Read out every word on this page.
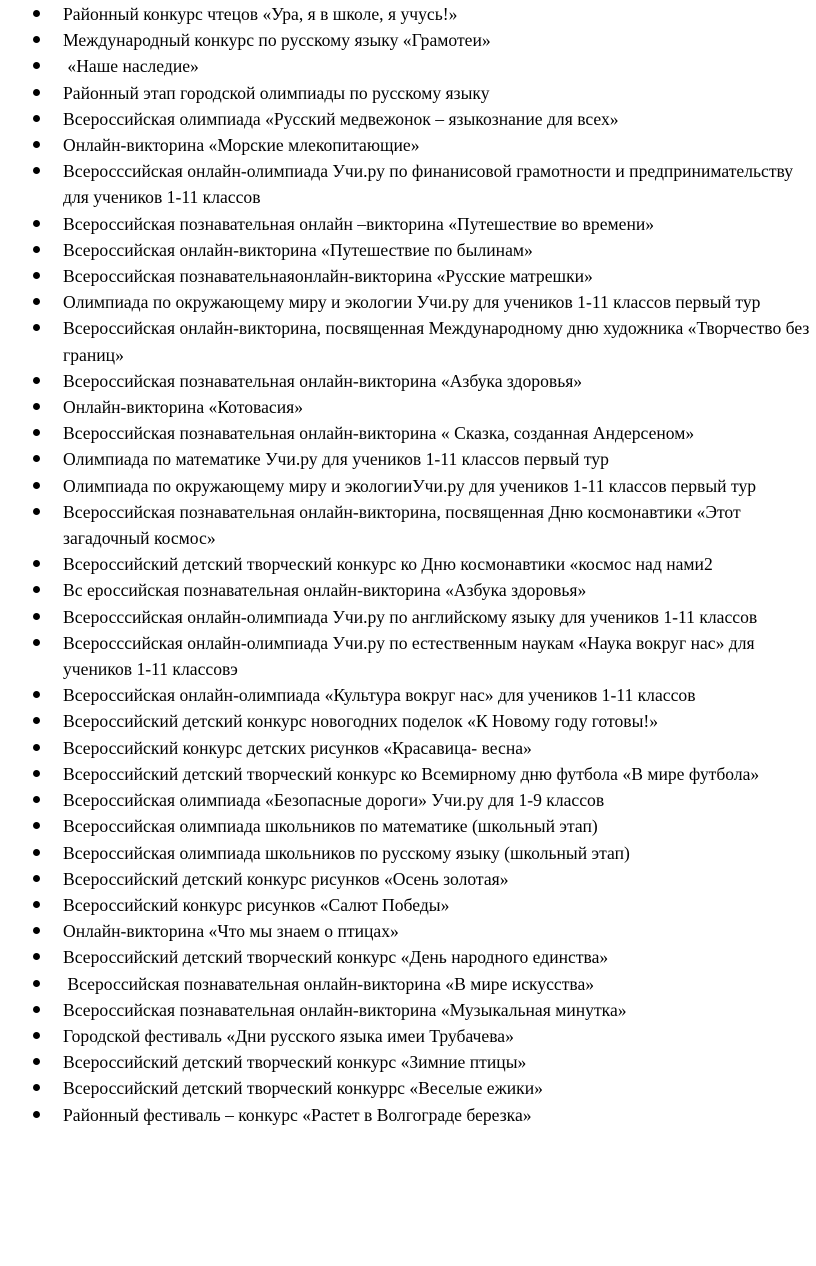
Районный конкурс чтецов «Ура, я в школе, я учусь!»
Международный конкурс по русскому языку «Грамотеи»
«Наше наследие»
Районный этап городской олимпиады по русскому языку
Всероссийская олимпиада «Русский медвежонок – языкознание для всех»
Онлайн-викторина «Морские млекопитающие»
Всеросссийская онлайн-олимпиада Учи.ру по финанисовой грамотности и предпринимательству для учеников 1-11 классов
Всероссийская познавательная онлайн –викторина «Путешествие во времени»
Всероссийская онлайн-викторина «Путешествие по былинам»
Всероссийская познавательнаяонлайн-викторина «Русские матрешки»
Олимпиада по окружающему миру и экологии Учи.ру для учеников 1-11 классов первый тур
Всероссийская онлайн-викторина, посвященная Международному дню художника «Творчество без границ»
Всероссийская познавательная онлайн-викторина «Азбука здоровья»
Онлайн-викторина «Котовасия»
Всероссийская познавательная онлайн-викторина « Сказка, созданная Андерсеном»
Олимпиада по математике Учи.ру для учеников 1-11 классов первый тур
Олимпиада по окружающему миру и экологииУчи.ру для учеников 1-11 классов первый тур
Всероссийская познавательная онлайн-викторина, посвященная Дню космонавтики «Этот загадочный космос»
Всероссийский детский творческий конкурс ко Дню космонавтики «космос над нами2
Вс ероссийская познавательная онлайн-викторина «Азбука здоровья»
Всеросссийская онлайн-олимпиада Учи.ру по английскому языку для учеников 1-11 классов
Всеросссийская онлайн-олимпиада Учи.ру по естественным наукам «Наука вокруг нас» для учеников 1-11 классовэ
Всероссийская онлайн-олимпиада «Культура вокруг нас» для учеников 1-11 классов
Всероссийский детский конкурс новогодних поделок «К Новому году готовы!»
Всероссийский конкурс детских рисунков «Красавица- весна»
Всероссийский детский творческий конкурс ко Всемирному дню футбола «В мире футбола»
Всероссийская олимпиада «Безопасные дороги» Учи.ру для 1-9 классов
Всероссийская олимпиада школьников по математике (школьный этап)
Всероссийская олимпиада школьников по русскому языку (школьный этап)
Всероссийский детский конкурс рисунков «Осень золотая»
Всероссийский конкурс рисунков «Салют Победы»
Онлайн-викторина «Что мы знаем о птицах»
Всероссийский детский творческий конкурс «День народного единства»
Всероссийская познавательная онлайн-викторина «В мире искусства»
Всероссийская познавательная онлайн-викторина «Музыкальная минутка»
Городской фестиваль «Дни русского языка имеи Трубачева»
Всероссийский детский творческий конкурс «Зимние птицы»
Всероссийский детский творческий конкуррс «Веселые ежики»
Районный фестиваль – конкурс «Растет в Волгограде березка»
